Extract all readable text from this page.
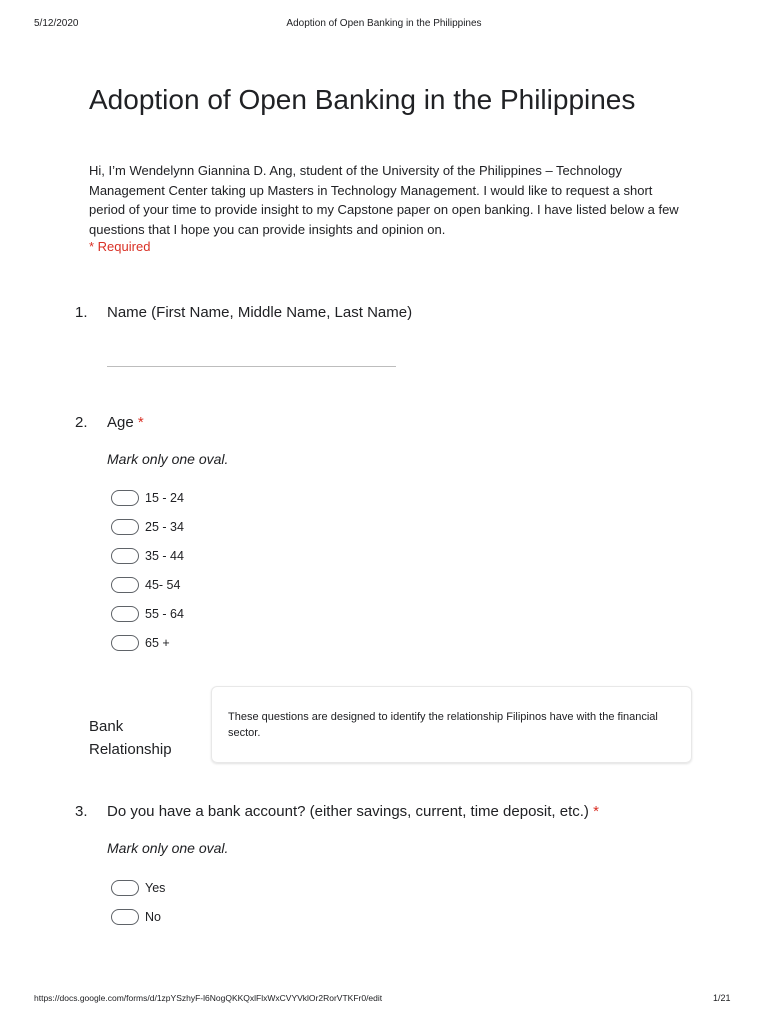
5/12/2020	Adoption of Open Banking in the Philippines
Adoption of Open Banking in the Philippines
Hi, I’m Wendelynn Giannina D. Ang, student of the University of the Philippines – Technology Management Center taking up Masters in Technology Management. I would like to request a short period of your time to provide insight to my Capstone paper on open banking. I have listed below a few questions that I hope you can provide insights and opinion on.
* Required
1. Name (First Name, Middle Name, Last Name)
2. Age *
Mark only one oval.
15 - 24
25 - 34
35 - 44
45- 54
55 - 64
65 +
Bank Relationship
These questions are designed to identify the relationship Filipinos have with the financial sector.
3. Do you have a bank account? (either savings, current, time deposit, etc.) *
Mark only one oval.
Yes
No
https://docs.google.com/forms/d/1zpYSzhyF-l6NogQKKQxlFlxWxCVYVklOr2RorVTKFr0/edit	1/21
